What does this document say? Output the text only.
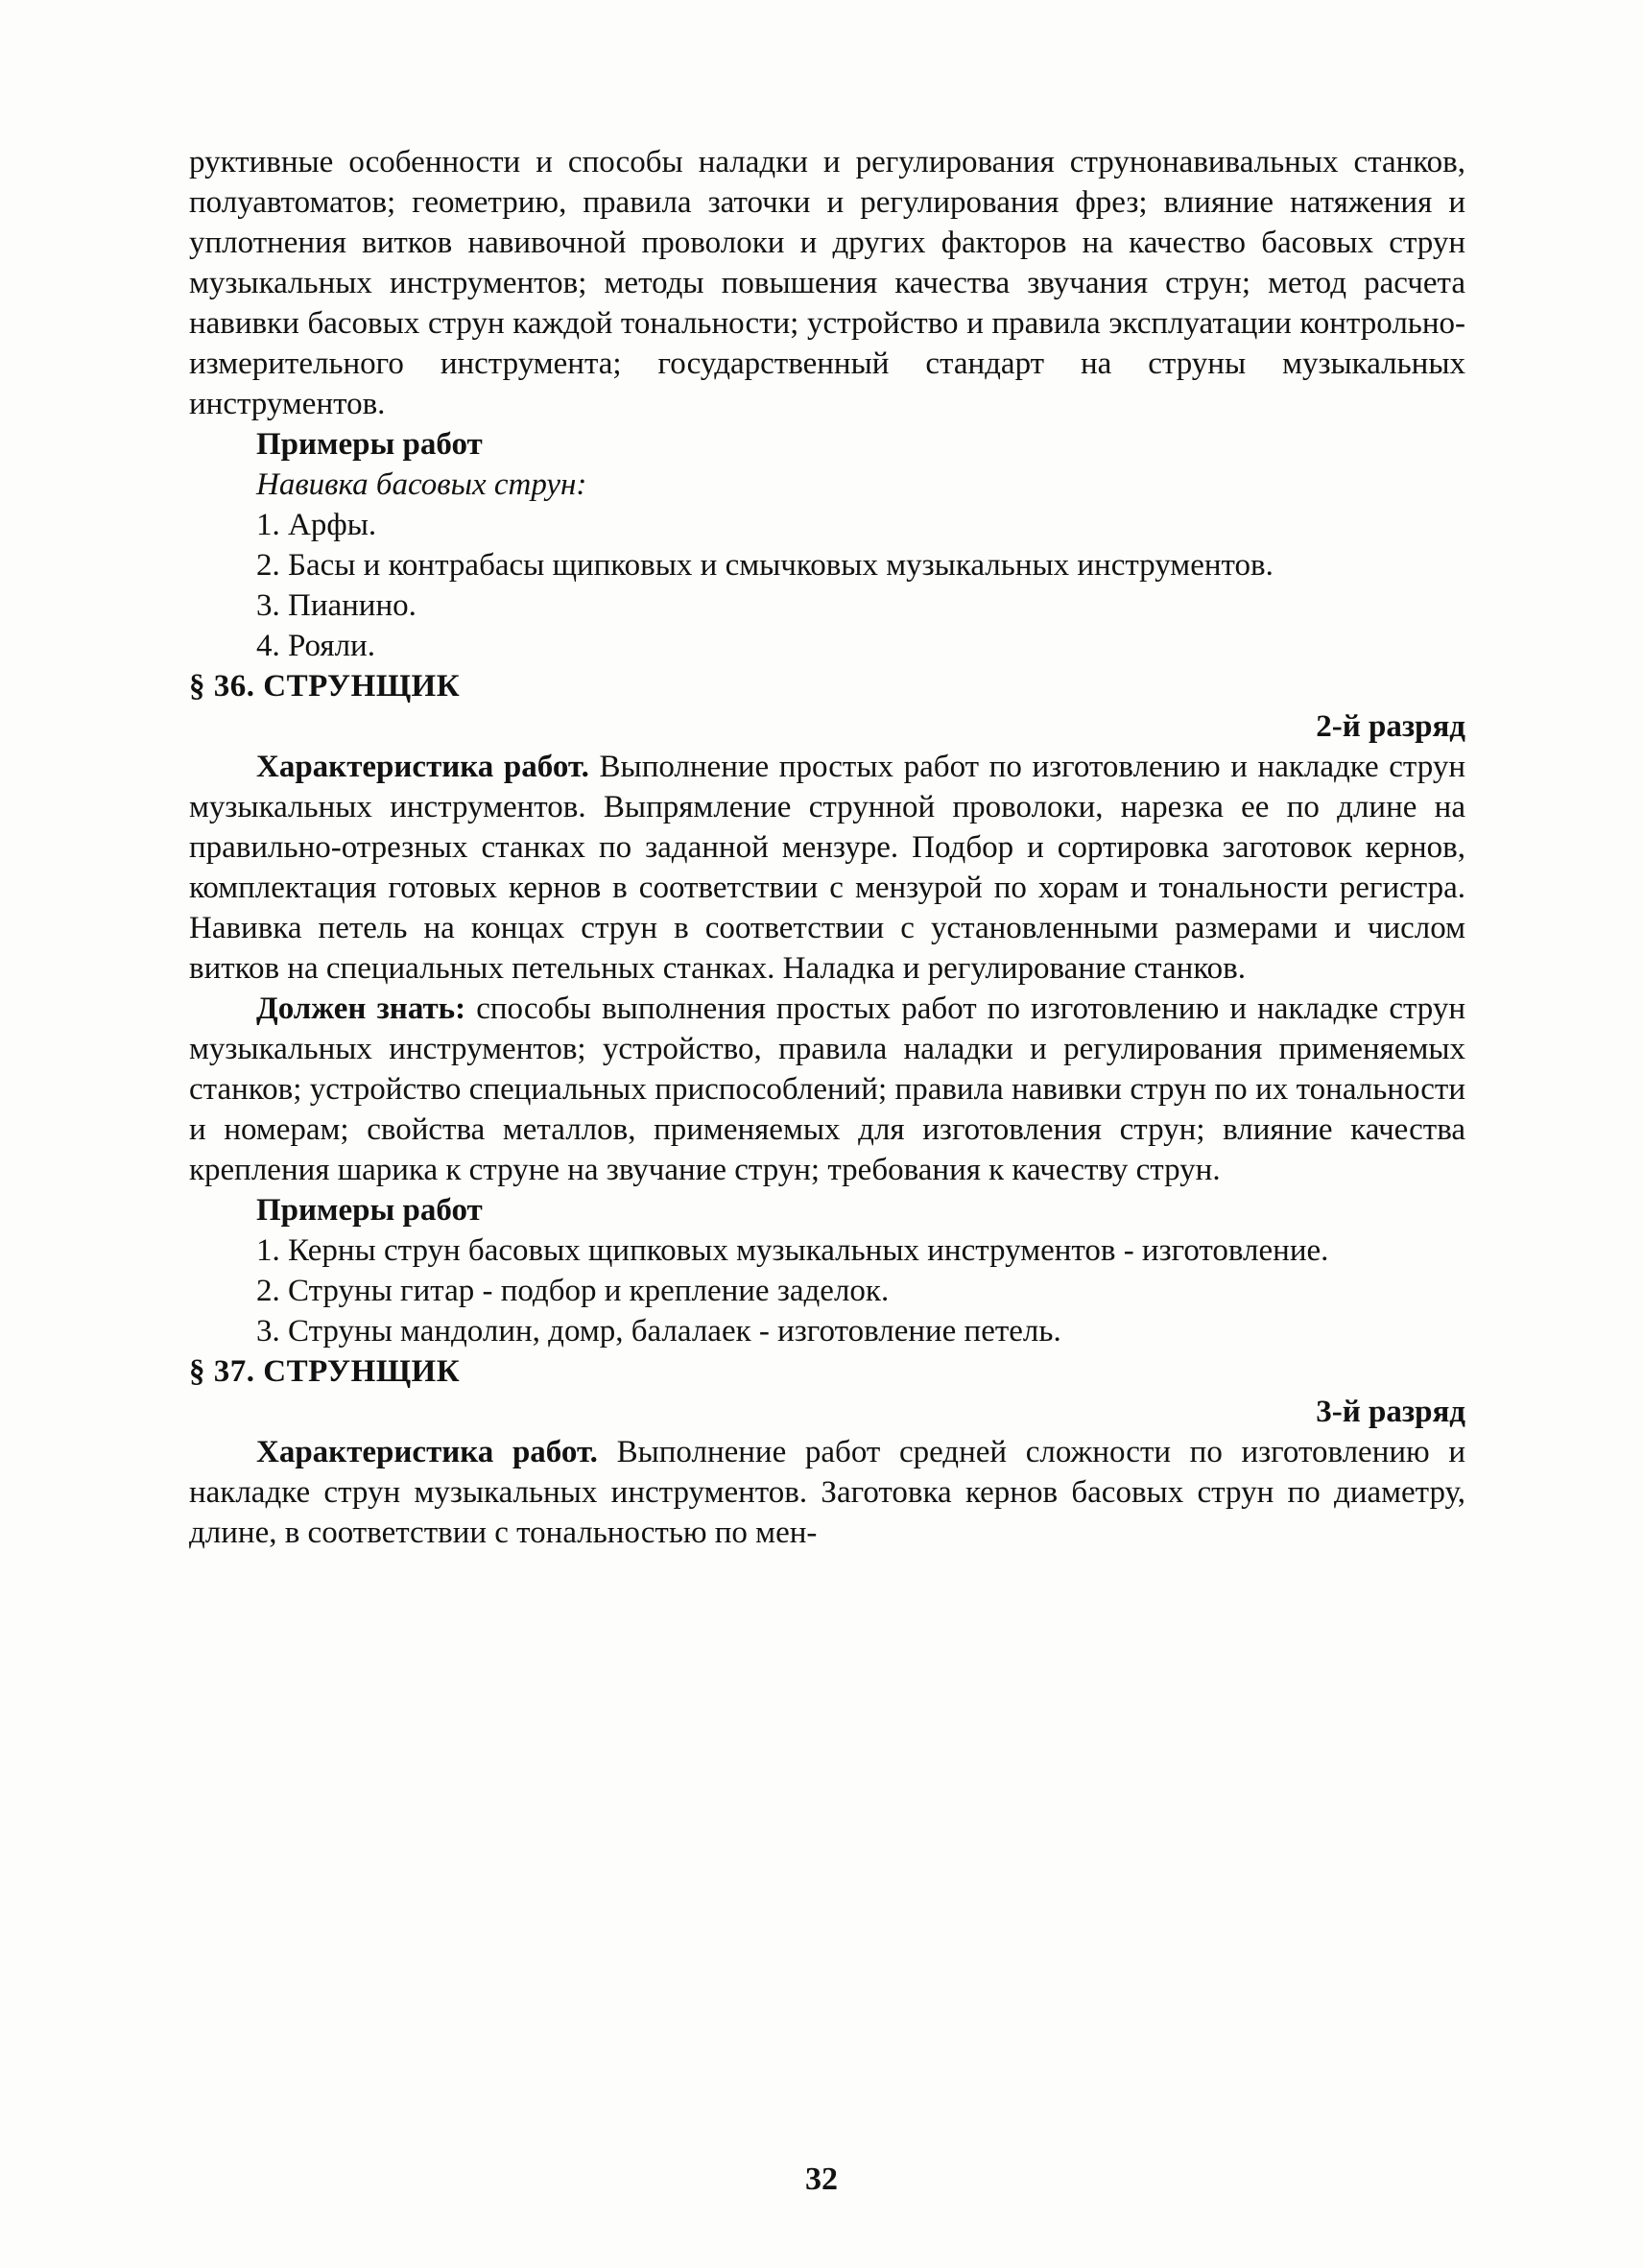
руктивные особенности и способы наладки и регулирования струнонавивальных станков, полуавтоматов; геометрию, правила заточки и регулирования фрез; влияние натяжения и уплотнения витков навивочной проволоки и других факторов на качество басовых струн музыкальных инструментов; методы повышения качества звучания струн; метод расчета навивки басовых струн каждой тональности; устройство и правила эксплуатации контрольно-измерительного инструмента; государственный стандарт на струны музыкальных инструментов.

Примеры работ

Навивка басовых струн:

1. Арфы.

2. Басы и контрабасы щипковых и смычковых музыкальных инструментов.

3. Пианино.

4. Рояли.

§ 36. СТРУНЩИК

2-й разряд

Характеристика работ. Выполнение простых работ по изготовлению и накладке струн музыкальных инструментов. Выпрямление струнной проволоки, нарезка ее по длине на правильно-отрезных станках по заданной мензуре. Подбор и сортировка заготовок кернов, комплектация готовых кернов в соответствии с мензурой по хорам и тональности регистра. Навивка петель на концах струн в соответствии с установленными размерами и числом витков на специальных петельных станках. Наладка и регулирование станков.

Должен знать: способы выполнения простых работ по изготовлению и накладке струн музыкальных инструментов; устройство, правила наладки и регулирования применяемых станков; устройство специальных приспособлений; правила навивки струн по их тональности и номерам; свойства металлов, применяемых для изготовления струн; влияние качества крепления шарика к струне на звучание струн; требования к качеству струн.

Примеры работ

1. Керны струн басовых щипковых музыкальных инструментов - изготовление.

2. Струны гитар - подбор и крепление заделок.

3. Струны мандолин, домр, балалаек - изготовление петель.

§ 37. СТРУНЩИК

3-й разряд

Характеристика работ. Выполнение работ средней сложности по изготовлению и накладке струн музыкальных инструментов. Заготовка кернов басовых струн по диаметру, длине, в соответствии с тональностью по мен-

32
